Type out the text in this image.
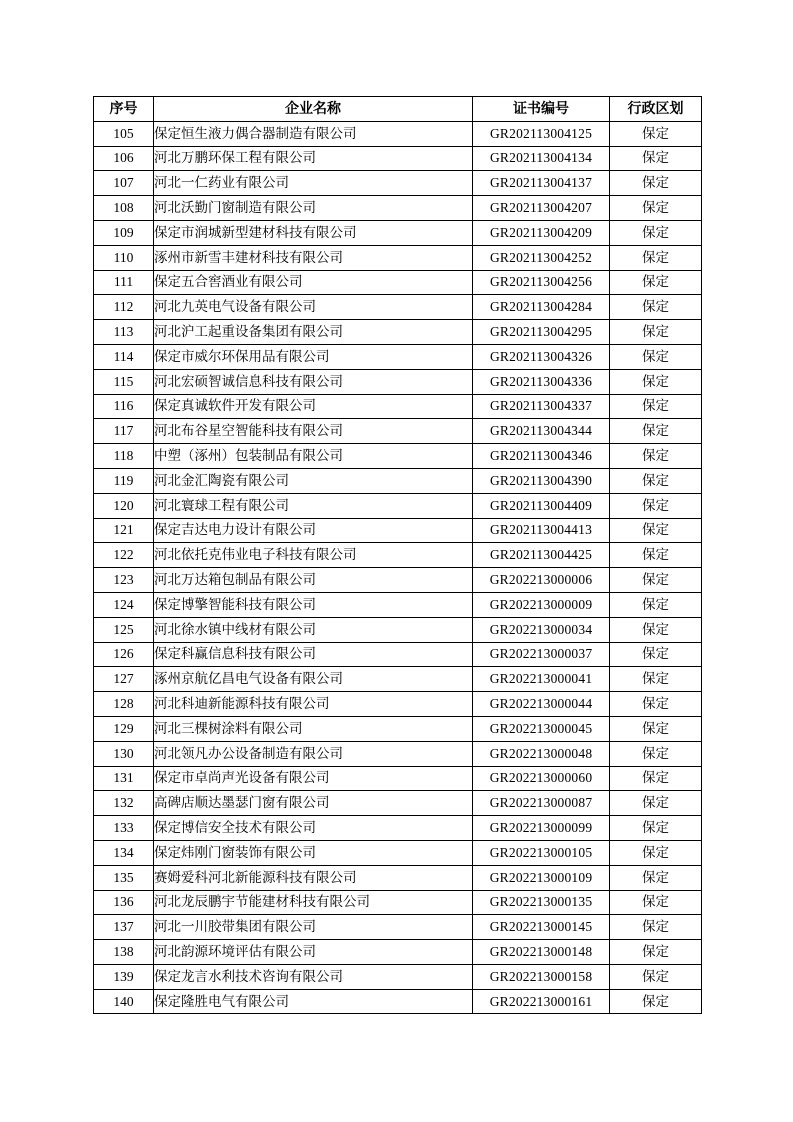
序号	企业名称	证书编号	行政区划
105	保定恒生液力偶合器制造有限公司	GR202113004125	保定
106	河北万鹏环保工程有限公司	GR202113004134	保定
107	河北一仁药业有限公司	GR202113004137	保定
108	河北沃勤门窗制造有限公司	GR202113004207	保定
109	保定市润城新型建材科技有限公司	GR202113004209	保定
110	涿州市新雪丰建材科技有限公司	GR202113004252	保定
111	保定五合窖酒业有限公司	GR202113004256	保定
112	河北九英电气设备有限公司	GR202113004284	保定
113	河北沪工起重设备集团有限公司	GR202113004295	保定
114	保定市威尔环保用品有限公司	GR202113004326	保定
115	河北宏硕智诚信息科技有限公司	GR202113004336	保定
116	保定真诚软件开发有限公司	GR202113004337	保定
117	河北布谷星空智能科技有限公司	GR202113004344	保定
118	中塑（涿州）包装制品有限公司	GR202113004346	保定
119	河北金汇陶瓷有限公司	GR202113004390	保定
120	河北寰球工程有限公司	GR202113004409	保定
121	保定吉达电力设计有限公司	GR202113004413	保定
122	河北依托克伟业电子科技有限公司	GR202113004425	保定
123	河北万达箱包制品有限公司	GR202213000006	保定
124	保定博擎智能科技有限公司	GR202213000009	保定
125	河北徐水镇中线材有限公司	GR202213000034	保定
126	保定科赢信息科技有限公司	GR202213000037	保定
127	涿州京航亿昌电气设备有限公司	GR202213000041	保定
128	河北科迪新能源科技有限公司	GR202213000044	保定
129	河北三棵树涂料有限公司	GR202213000045	保定
130	河北领凡办公设备制造有限公司	GR202213000048	保定
131	保定市卓尚声光设备有限公司	GR202213000060	保定
132	高碑店顺达墨瑟门窗有限公司	GR202213000087	保定
133	保定博信安全技术有限公司	GR202213000099	保定
134	保定炜刚门窗装饰有限公司	GR202213000105	保定
135	赛姆爱科河北新能源科技有限公司	GR202213000109	保定
136	河北龙辰鹏宇节能建材科技有限公司	GR202213000135	保定
137	河北一川胶带集团有限公司	GR202213000145	保定
138	河北韵源环境评估有限公司	GR202213000148	保定
139	保定龙言水利技术咨询有限公司	GR202213000158	保定
140	保定隆胜电气有限公司	GR202213000161	保定
